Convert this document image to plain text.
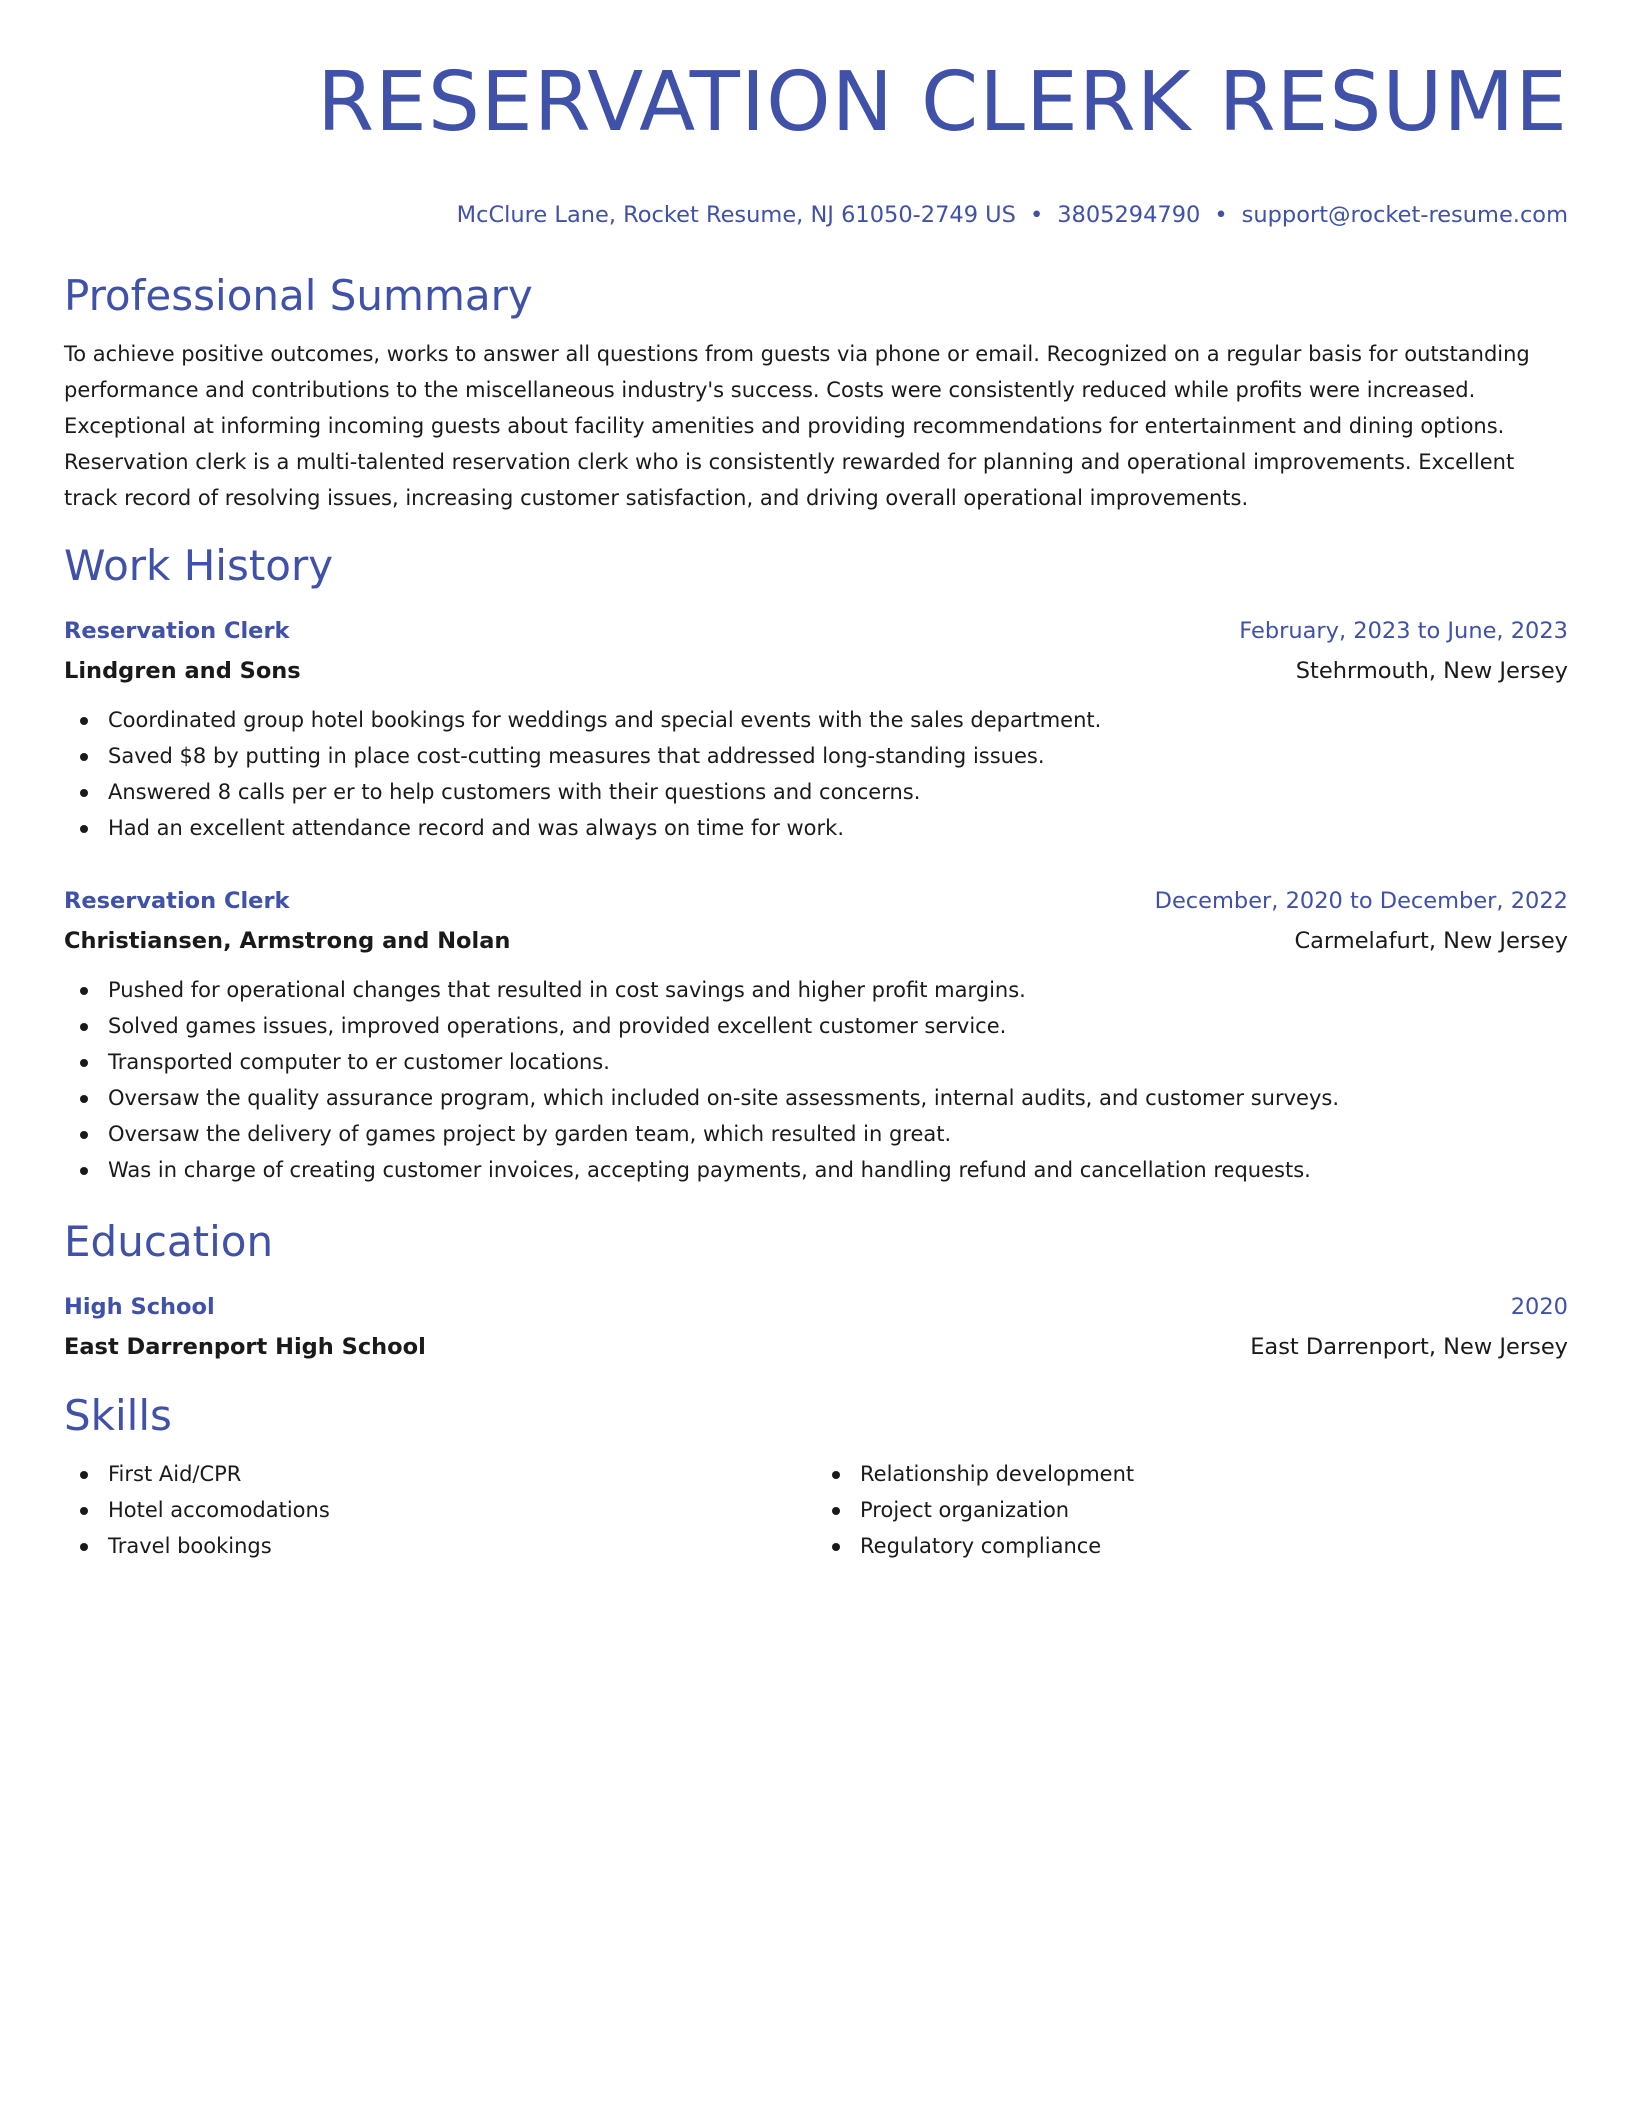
RESERVATION CLERK RESUME
McClure Lane, Rocket Resume, NJ 61050-2749 US • 3805294790 • support@rocket-resume.com
Professional Summary

To achieve positive outcomes, works to answer all questions from guests via phone or email. Recognized on a regular basis for outstanding performance and contributions to the miscellaneous industry's success. Costs were consistently reduced while profits were increased. Exceptional at informing incoming guests about facility amenities and providing recommendations for entertainment and dining options. Reservation clerk is a multi-talented reservation clerk who is consistently rewarded for planning and operational improvements. Excellent track record of resolving issues, increasing customer satisfaction, and driving overall operational improvements.

Work History
Reservation Clerk	February, 2023 to June, 2023
Lindgren and Sons	Stehrmouth, New Jersey
Coordinated group hotel bookings for weddings and special events with the sales department.
Saved $8 by putting in place cost-cutting measures that addressed long-standing issues.
Answered 8 calls per er to help customers with their questions and concerns.
Had an excellent attendance record and was always on time for work.
Reservation Clerk	December, 2020 to December, 2022
Christiansen, Armstrong and Nolan	Carmelafurt, New Jersey
Pushed for operational changes that resulted in cost savings and higher profit margins.
Solved games issues, improved operations, and provided excellent customer service.
Transported computer to er customer locations.
Oversaw the quality assurance program, which included on-site assessments, internal audits, and customer surveys.
Oversaw the delivery of games project by garden team, which resulted in great.
Was in charge of creating customer invoices, accepting payments, and handling refund and cancellation requests.
Education
High School	2020
East Darrenport High School	East Darrenport, New Jersey
Skills
First Aid/CPR
Hotel accomodations
Travel bookings
Relationship development
Project organization
Regulatory compliance
